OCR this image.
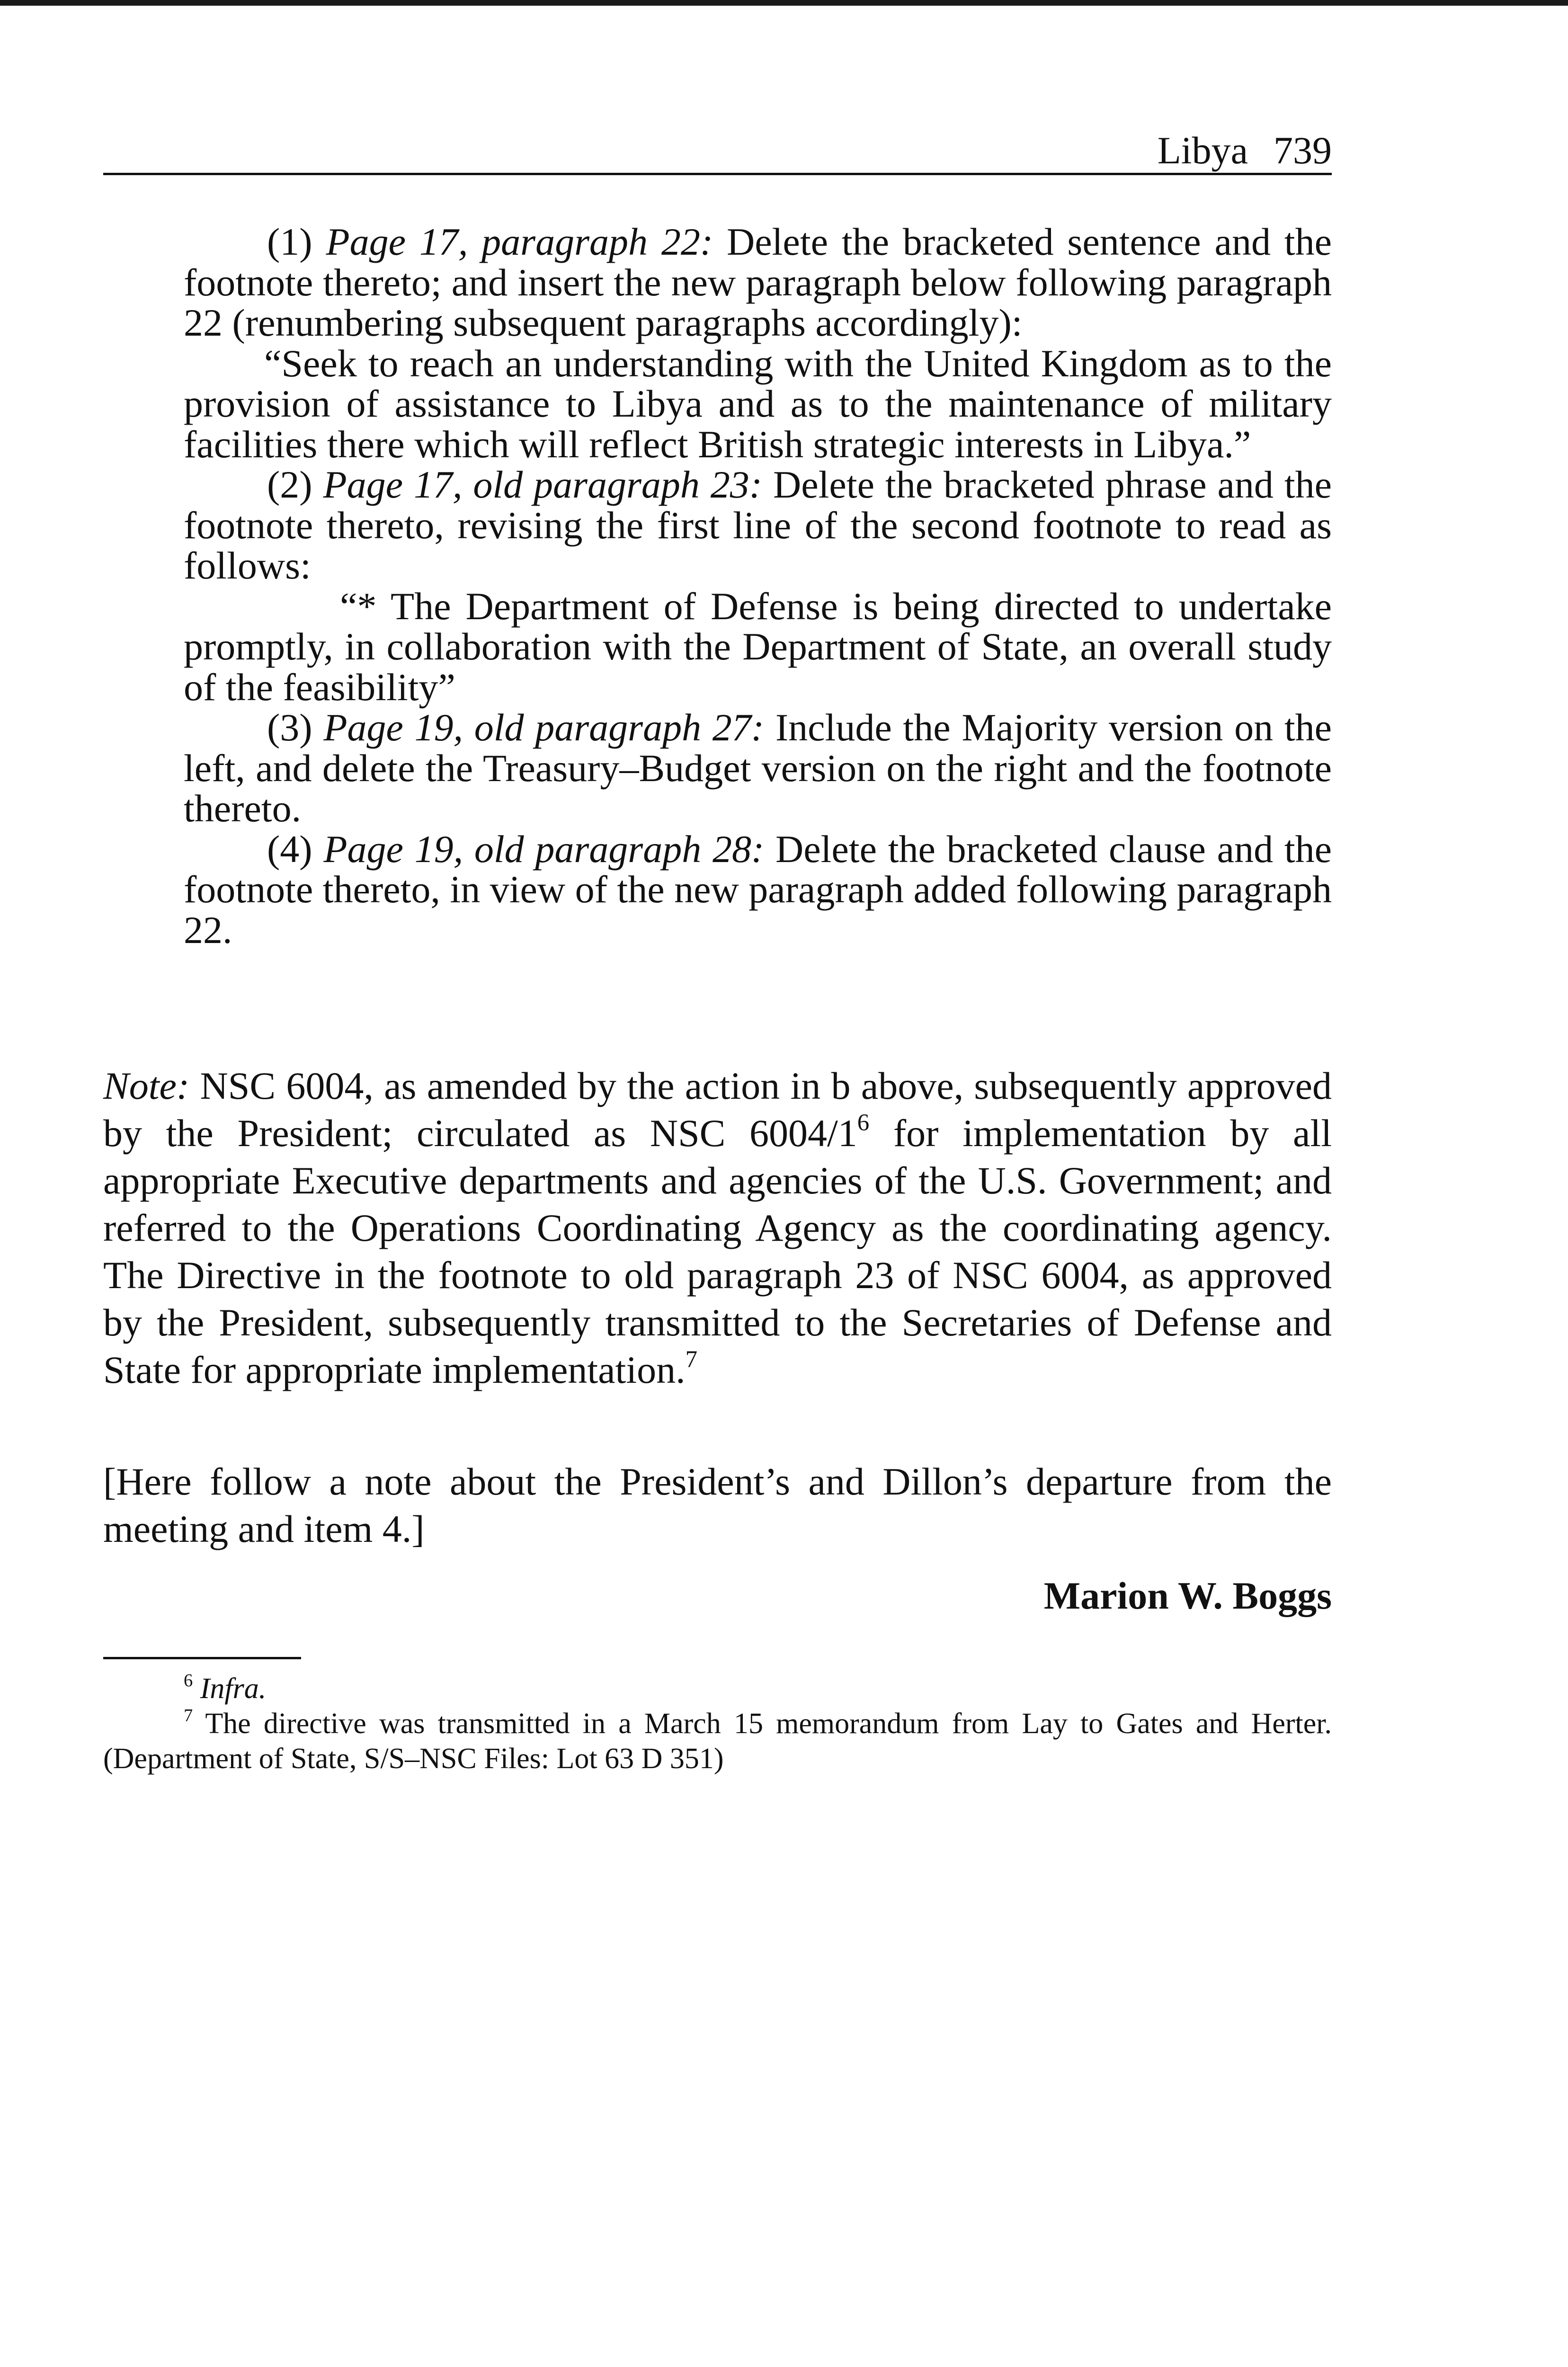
Libya 739

(1) Page 17, paragraph 22: Delete the bracketed sentence and the footnote thereto; and insert the new paragraph below following paragraph 22 (renumbering subsequent paragraphs accordingly):

“Seek to reach an understanding with the United Kingdom as to the provision of assistance to Libya and as to the maintenance of military facilities there which will reflect British strategic interests in Libya.”

(2) Page 17, old paragraph 23: Delete the bracketed phrase and the footnote thereto, revising the first line of the second footnote to read as follows:

“* The Department of Defense is being directed to undertake promptly, in collaboration with the Department of State, an overall study of the feasibility”

(3) Page 19, old paragraph 27: Include the Majority version on the left, and delete the Treasury–Budget version on the right and the footnote thereto.

(4) Page 19, old paragraph 28: Delete the bracketed clause and the footnote thereto, in view of the new paragraph added following paragraph 22.

Note: NSC 6004, as amended by the action in b above, subsequently approved by the President; circulated as NSC $6004/1^6$ for implementation by all appropriate Executive departments and agencies of the U.S. Government; and referred to the Operations Coordinating Agency as the coordinating agency. The Directive in the footnote to old paragraph 23 of NSC 6004, as approved by the President, subsequently transmitted to the Secretaries of Defense and State for appropriate implementation.$^7$

[Here follow a note about the President’s and Dillon’s departure from the meeting and item 4.]

Marion W. Boggs

$^6$ Infra.

$^7$ The directive was transmitted in a March 15 memorandum from Lay to Gates and Herter. (Department of State, S/S–NSC Files: Lot 63 D 351)
